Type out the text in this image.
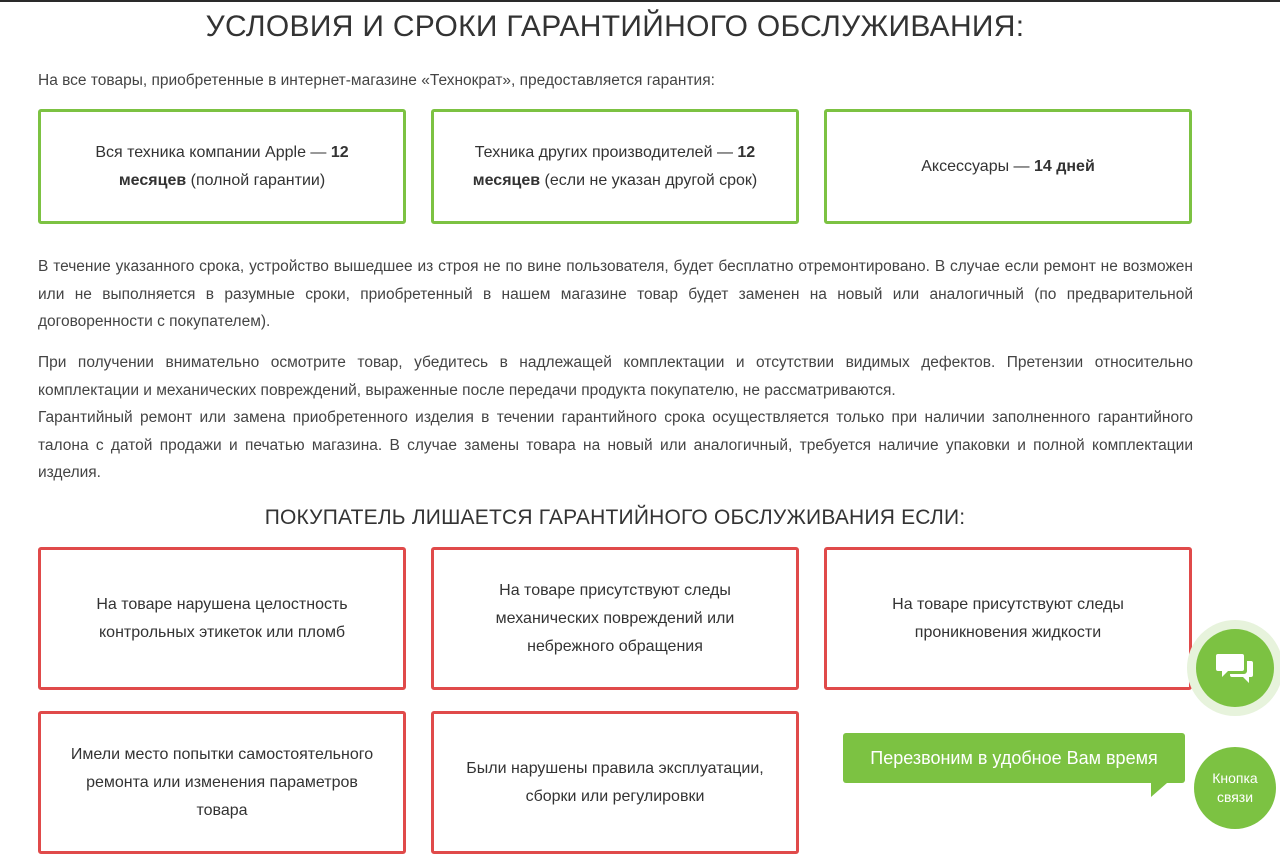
УСЛОВИЯ И СРОКИ ГАРАНТИЙНОГО ОБСЛУЖИВАНИЯ:

На все товары, приобретенные в интернет-магазине «Технократ», предоставляется гарантия:

Вся техника компании Apple — 12 месяцев (полной гарантии)
Техника других производителей — 12 месяцев (если не указан другой срок)
Аксессуары — 14 дней

В течение указанного срока, устройство вышедшее из строя не по вине пользователя, будет бесплатно отремонтировано. В случае если ремонт не возможен или не выполняется в разумные сроки, приобретенный в нашем магазине товар будет заменен на новый или аналогичный (по предварительной договоренности с покупателем).

При получении внимательно осмотрите товар, убедитесь в надлежащей комплектации и отсутствии видимых дефектов. Претензии относительно комплектации и механических повреждений, выраженные после передачи продукта покупателю, не рассматриваются.

Гарантийный ремонт или замена приобретенного изделия в течении гарантийного срока осуществляется только при наличии заполненного гарантийного талона с датой продажи и печатью магазина. В случае замены товара на новый или аналогичный, требуется наличие упаковки и полной комплектации изделия.

ПОКУПАТЕЛЬ ЛИШАЕТСЯ ГАРАНТИЙНОГО ОБСЛУЖИВАНИЯ ЕСЛИ:
На товаре нарушена целостность контрольных этикеток или пломб
На товаре присутствуют следы механических повреждений или небрежного обращения
На товаре присутствуют следы проникновения жидкости
Имели место попытки самостоятельного ремонта или изменения параметров товара
Были нарушены правила эксплуатации, сборки или регулировки
Перезвоним в удобное Вам время
Кнопка связи
